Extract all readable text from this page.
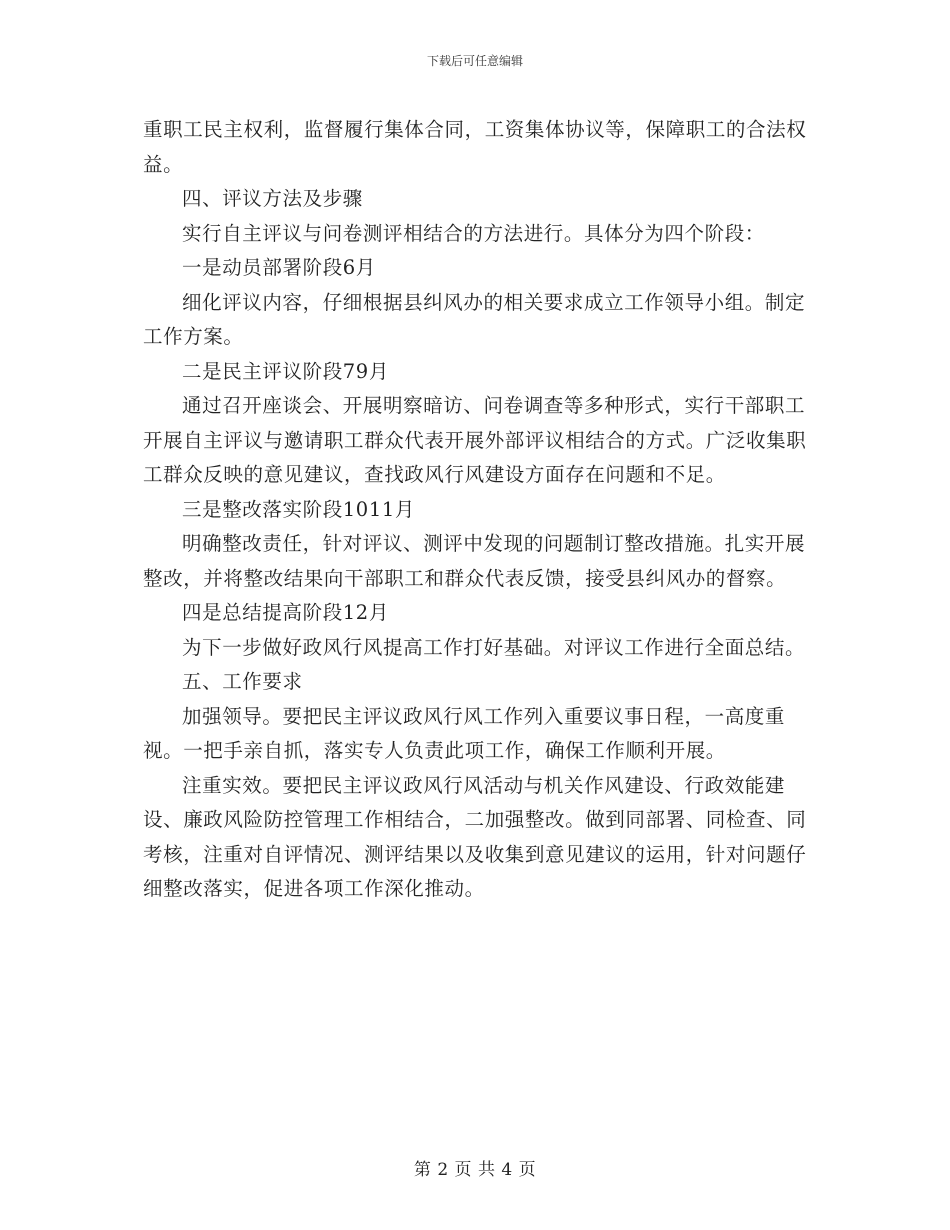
下载后可任意编辑

重职工民主权利，监督履行集体合同，工资集体协议等，保障职工的合法权益。

四、评议方法及步骤

实行自主评议与问卷测评相结合的方法进行。具体分为四个阶段：

一是动员部署阶段6月

细化评议内容，仔细根据县纠风办的相关要求成立工作领导小组。制定工作方案。

二是民主评议阶段79月

通过召开座谈会、开展明察暗访、问卷调查等多种形式，实行干部职工开展自主评议与邀请职工群众代表开展外部评议相结合的方式。广泛收集职工群众反映的意见建议，查找政风行风建设方面存在问题和不足。

三是整改落实阶段1011月

明确整改责任，针对评议、测评中发现的问题制订整改措施。扎实开展整改，并将整改结果向干部职工和群众代表反馈，接受县纠风办的督察。

四是总结提高阶段12月

为下一步做好政风行风提高工作打好基础。对评议工作进行全面总结。

五、工作要求

加强领导。要把民主评议政风行风工作列入重要议事日程，一高度重视。一把手亲自抓，落实专人负责此项工作，确保工作顺利开展。

注重实效。要把民主评议政风行风活动与机关作风建设、行政效能建设、廉政风险防控管理工作相结合，二加强整改。做到同部署、同检查、同考核，注重对自评情况、测评结果以及收集到意见建议的运用，针对问题仔细整改落实，促进各项工作深化推动。

第 2 页 共 4 页
